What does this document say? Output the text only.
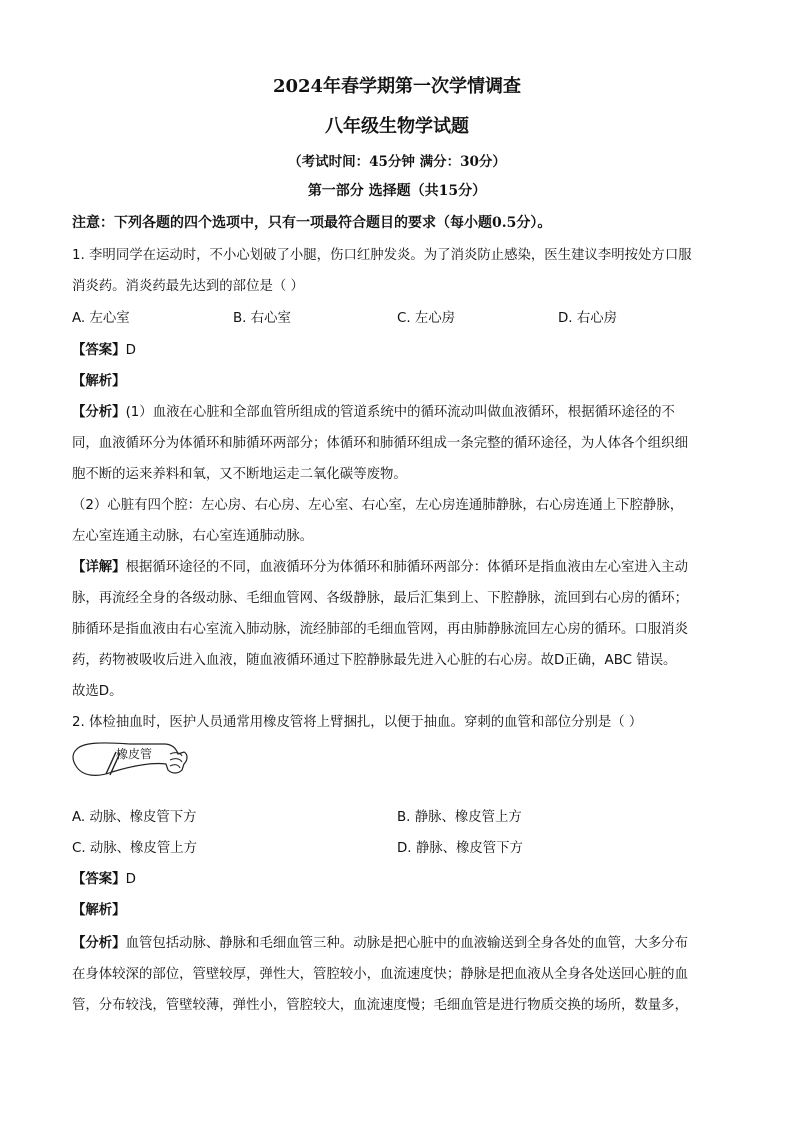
2024年春学期第一次学情调查
八年级生物学试题
（考试时间：45分钟 满分：30分）
第一部分 选择题（共15分）
注意：下列各题的四个选项中，只有一项最符合题目的要求（每小题0.5分）。
1. 李明同学在运动时，不小心划破了小腿，伤口红肿发炎。为了消炎防止感染，医生建议李明按处方口服
消炎药。消炎药最先达到的部位是（ ）
A. 左心室	B. 右心室	C. 左心房	D. 右心房
【答案】D
【解析】
【分析】(1）血液在心脏和全部血管所组成的管道系统中的循环流动叫做血液循环，根据循环途径的不
同，血液循环分为体循环和肺循环两部分；体循环和肺循环组成一条完整的循环途径，为人体各个组织细
胞不断的运来养料和氧，又不断地运走二氧化碳等废物。
（2）心脏有四个腔：左心房、右心房、左心室、右心室，左心房连通肺静脉，右心房连通上下腔静脉，
左心室连通主动脉，右心室连通肺动脉。
【详解】根据循环途径的不同，血液循环分为体循环和肺循环两部分：体循环是指血液由左心室进入主动
脉，再流经全身的各级动脉、毛细血管网、各级静脉，最后汇集到上、下腔静脉，流回到右心房的循环；
肺循环是指血液由右心室流入肺动脉，流经肺部的毛细血管网，再由肺静脉流回左心房的循环。口服消炎
药，药物被吸收后进入血液，随血液循环通过下腔静脉最先进入心脏的右心房。故D正确，ABC 错误。
故选D。
2. 体检抽血时，医护人员通常用橡皮管将上臂捆扎，以便于抽血。穿刺的血管和部位分别是（ ）
橡皮管
A. 动脉、橡皮管下方	B. 静脉、橡皮管上方
C. 动脉、橡皮管上方	D. 静脉、橡皮管下方
【答案】D
【解析】
【分析】血管包括动脉、静脉和毛细血管三种。动脉是把心脏中的血液输送到全身各处的血管，大多分布
在身体较深的部位，管壁较厚，弹性大，管腔较小，血流速度快；静脉是把血液从全身各处送回心脏的血
管，分布较浅，管壁较薄，弹性小，管腔较大，血流速度慢；毛细血管是进行物质交换的场所，数量多，
